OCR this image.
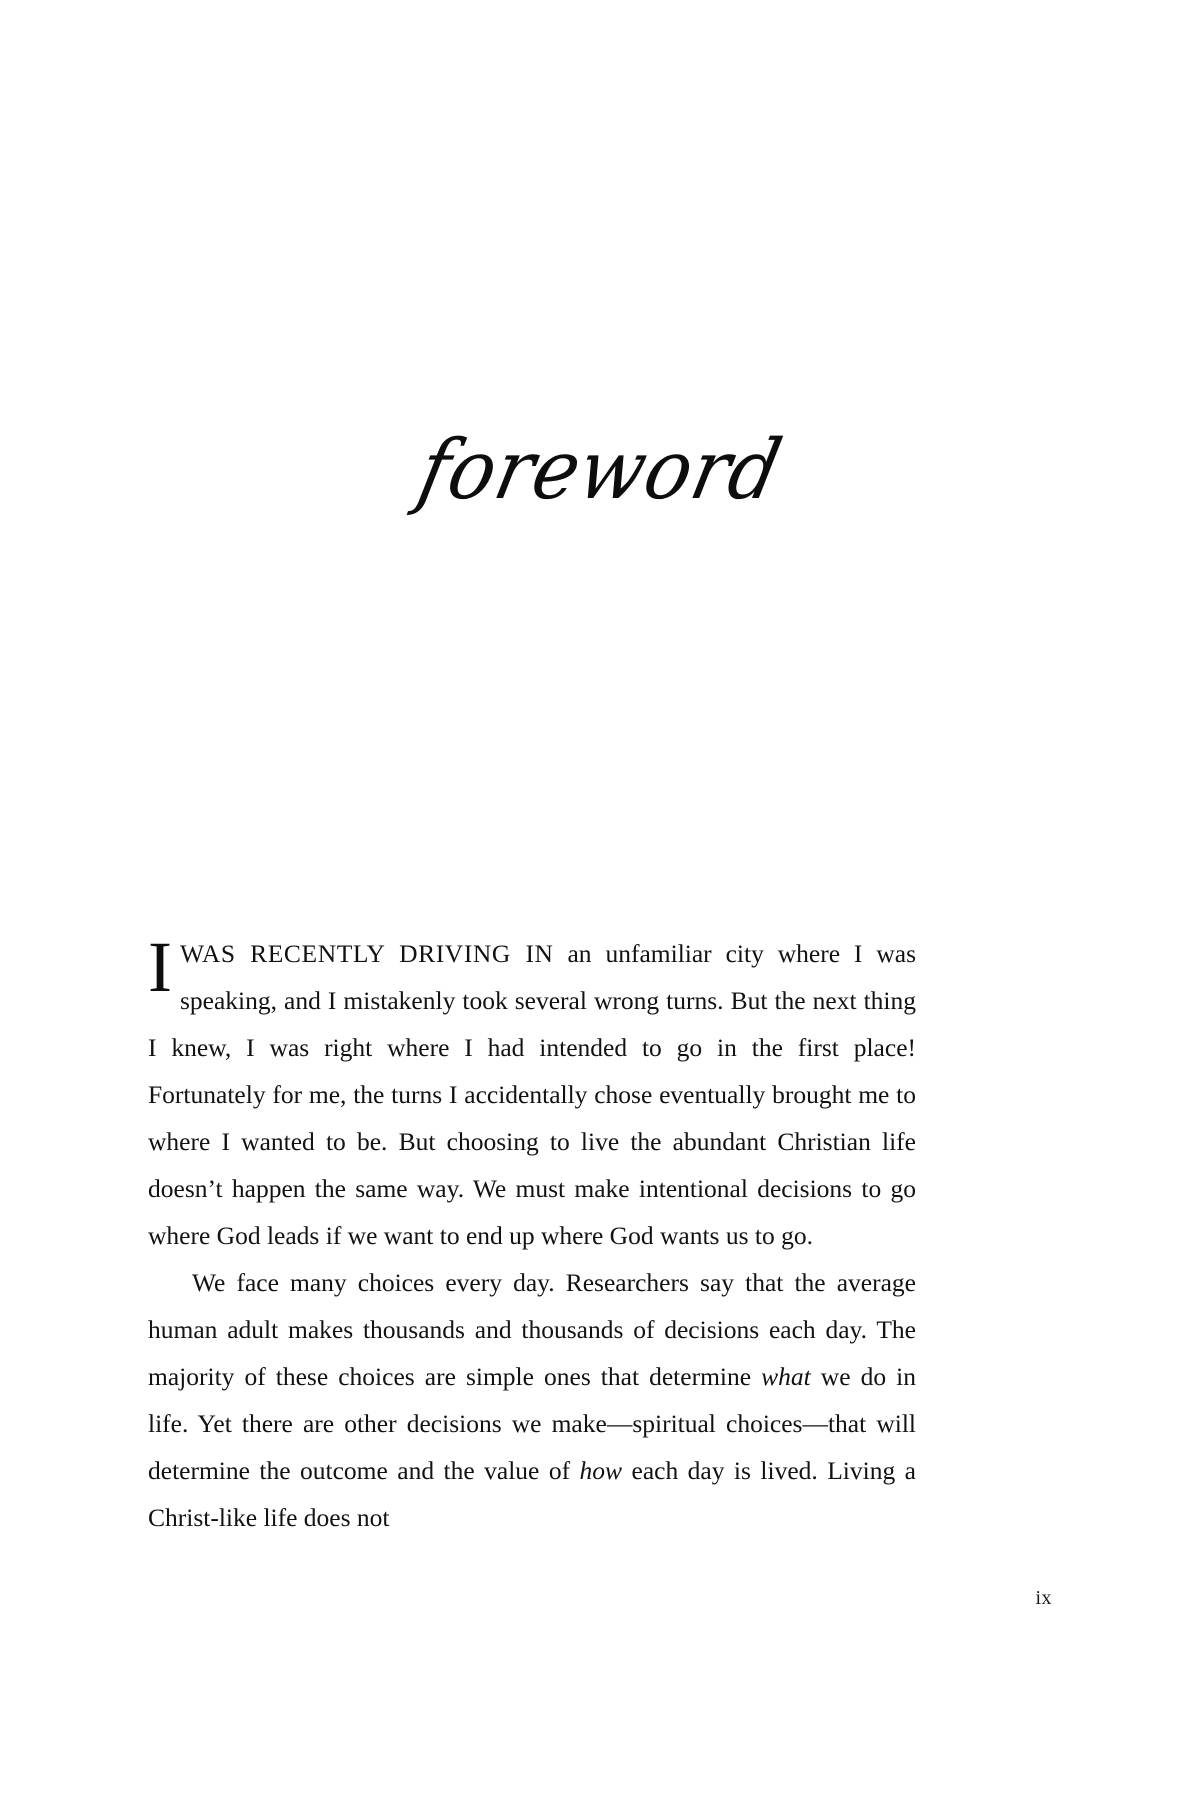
foreword

IWAS RECENTLY DRIVING IN an unfamiliar city where I was speaking, and I mistakenly took several wrong turns. But the next thing I knew, I was right where I had intended to go in the first place! Fortunately for me, the turns I accidentally chose eventually brought me to where I wanted to be. But choosing to live the abundant Christian life doesn’t happen the same way. We must make intentional decisions to go where God leads if we want to end up where God wants us to go.

We face many choices every day. Researchers say that the average human adult makes thousands and thousands of decisions each day. The majority of these choices are simple ones that determine what we do in life. Yet there are other decisions we make—spiritual choices—that will determine the outcome and the value of how each day is lived. Living a Christ-like life does not

ix
